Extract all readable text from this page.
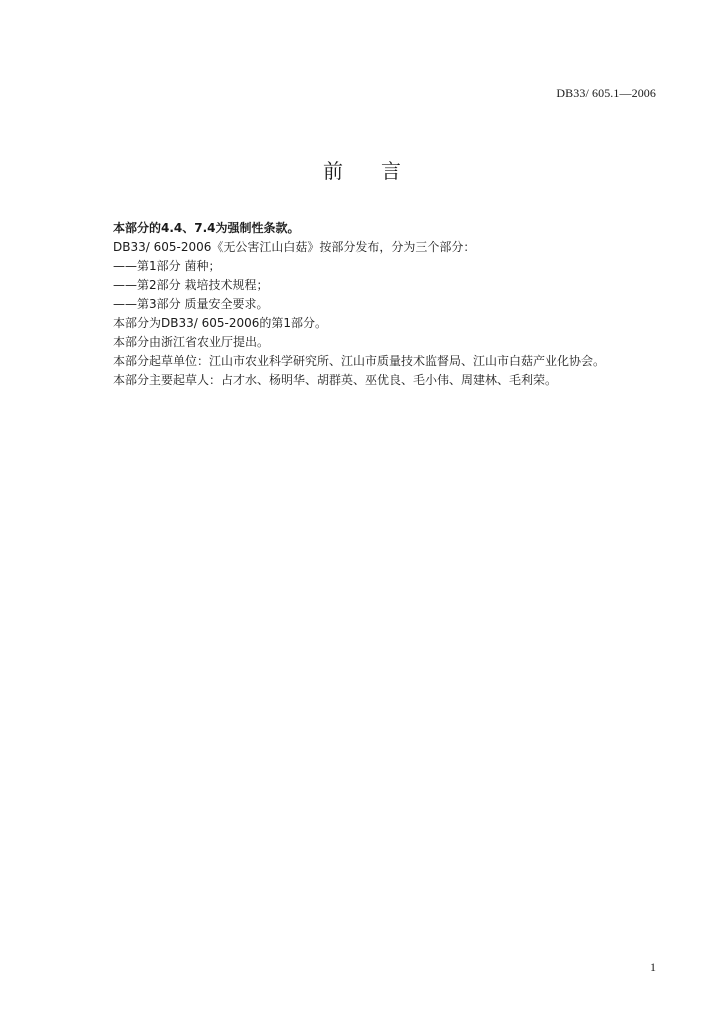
DB33/ 605.1—2006
前 言
本部分的4.4、7.4为强制性条款。
DB33/ 605-2006《无公害江山白菇》按部分发布，分为三个部分：
——第1部分 菌种；
——第2部分 栽培技术规程；
——第3部分 质量安全要求。
本部分为DB33/ 605-2006的第1部分。
本部分由浙江省农业厅提出。
本部分起草单位：江山市农业科学研究所、江山市质量技术监督局、江山市白菇产业化协会。
本部分主要起草人：占才水、杨明华、胡群英、巫优良、毛小伟、周建林、毛利荣。
1
